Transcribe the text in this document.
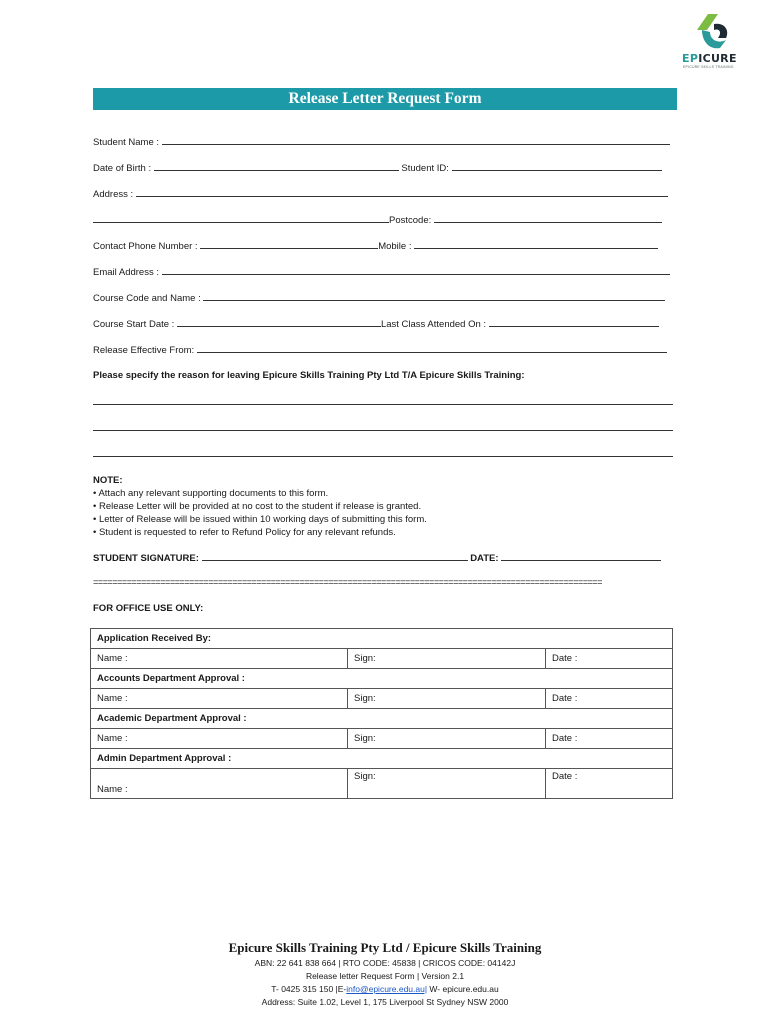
EPICURE
EPICURE SKILLS TRAINING
Release Letter Request Form
Student Name :
Date of Birth :	Student ID:
Address :
Postcode:
Contact Phone Number :	Mobile :
Email Address :
Course Code and Name :
Course Start Date :	Last Class Attended On :
Release Effective From:
Please specify the reason for leaving Epicure Skills Training Pty Ltd T/A Epicure Skills Training:
NOTE:
• Attach any relevant supporting documents to this form.
• Release Letter will be provided at no cost to the student if release is granted.
• Letter of Release will be issued within 10 working days of submitting this form.
• Student is requested to refer to Refund Policy for any relevant refunds.
STUDENT SIGNATURE:	DATE:
==========================================================================================================
FOR OFFICE USE ONLY:
Application Received By:		
Name :	Sign:	Date :
Accounts Department Approval :		
Name :	Sign:	Date :
Academic Department Approval :		
Name :	Sign:	Date :
Admin Department Approval :		
Name :	Sign:	Date :
Epicure Skills Training Pty Ltd / Epicure Skills Training
ABN: 22 641 838 664 | RTO CODE: 45838 | CRICOS CODE: 04142J
Release letter Request Form | Version 2.1
T- 0425 315 150 |E-info@epicure.edu.au| W- epicure.edu.au
Address: Suite 1.02, Level 1, 175 Liverpool St Sydney NSW 2000
